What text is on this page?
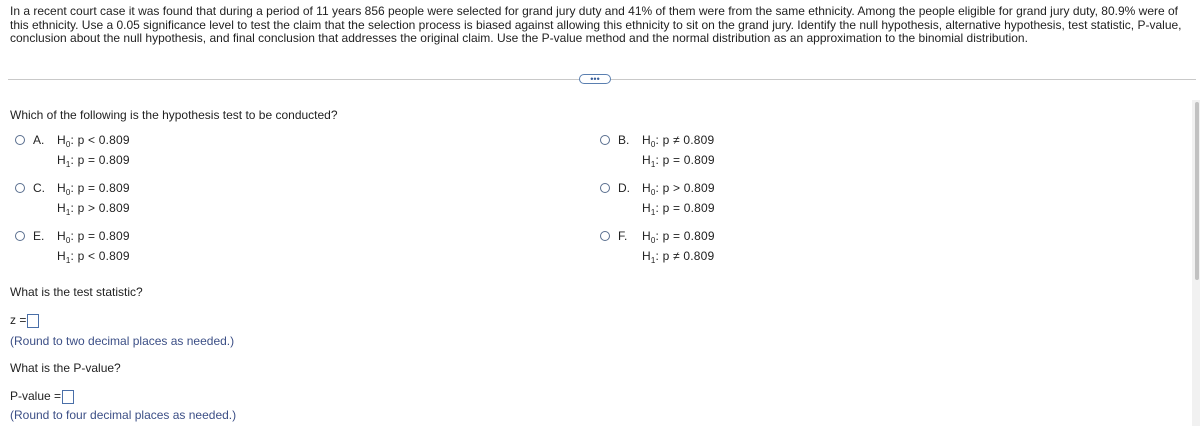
In a recent court case it was found that during a period of 11 years 856 people were selected for grand jury duty and 41% of them were from the same ethnicity. Among the people eligible for grand jury duty, 80.9% were of this ethnicity. Use a 0.05 significance level to test the claim that the selection process is biased against allowing this ethnicity to sit on the grand jury. Identify the null hypothesis, alternative hypothesis, test statistic, P-value, conclusion about the null hypothesis, and final conclusion that addresses the original claim. Use the P-value method and the normal distribution as an approximation to the binomial distribution.
•••
Which of the following is the hypothesis test to be conducted?
A. $H_0$: p < 0.809
$H_1$: p = 0.809
B. $H_0$: p ≠ 0.809
$H_1$: p = 0.809
C. $H_0$: p = 0.809
$H_1$: p > 0.809
D. $H_0$: p > 0.809
$H_1$: p = 0.809
E. $H_0$: p = 0.809
$H_1$: p < 0.809
F. $H_0$: p = 0.809
$H_1$: p ≠ 0.809
What is the test statistic?
z =
(Round to two decimal places as needed.)
What is the P-value?
P-value =
(Round to four decimal places as needed.)
